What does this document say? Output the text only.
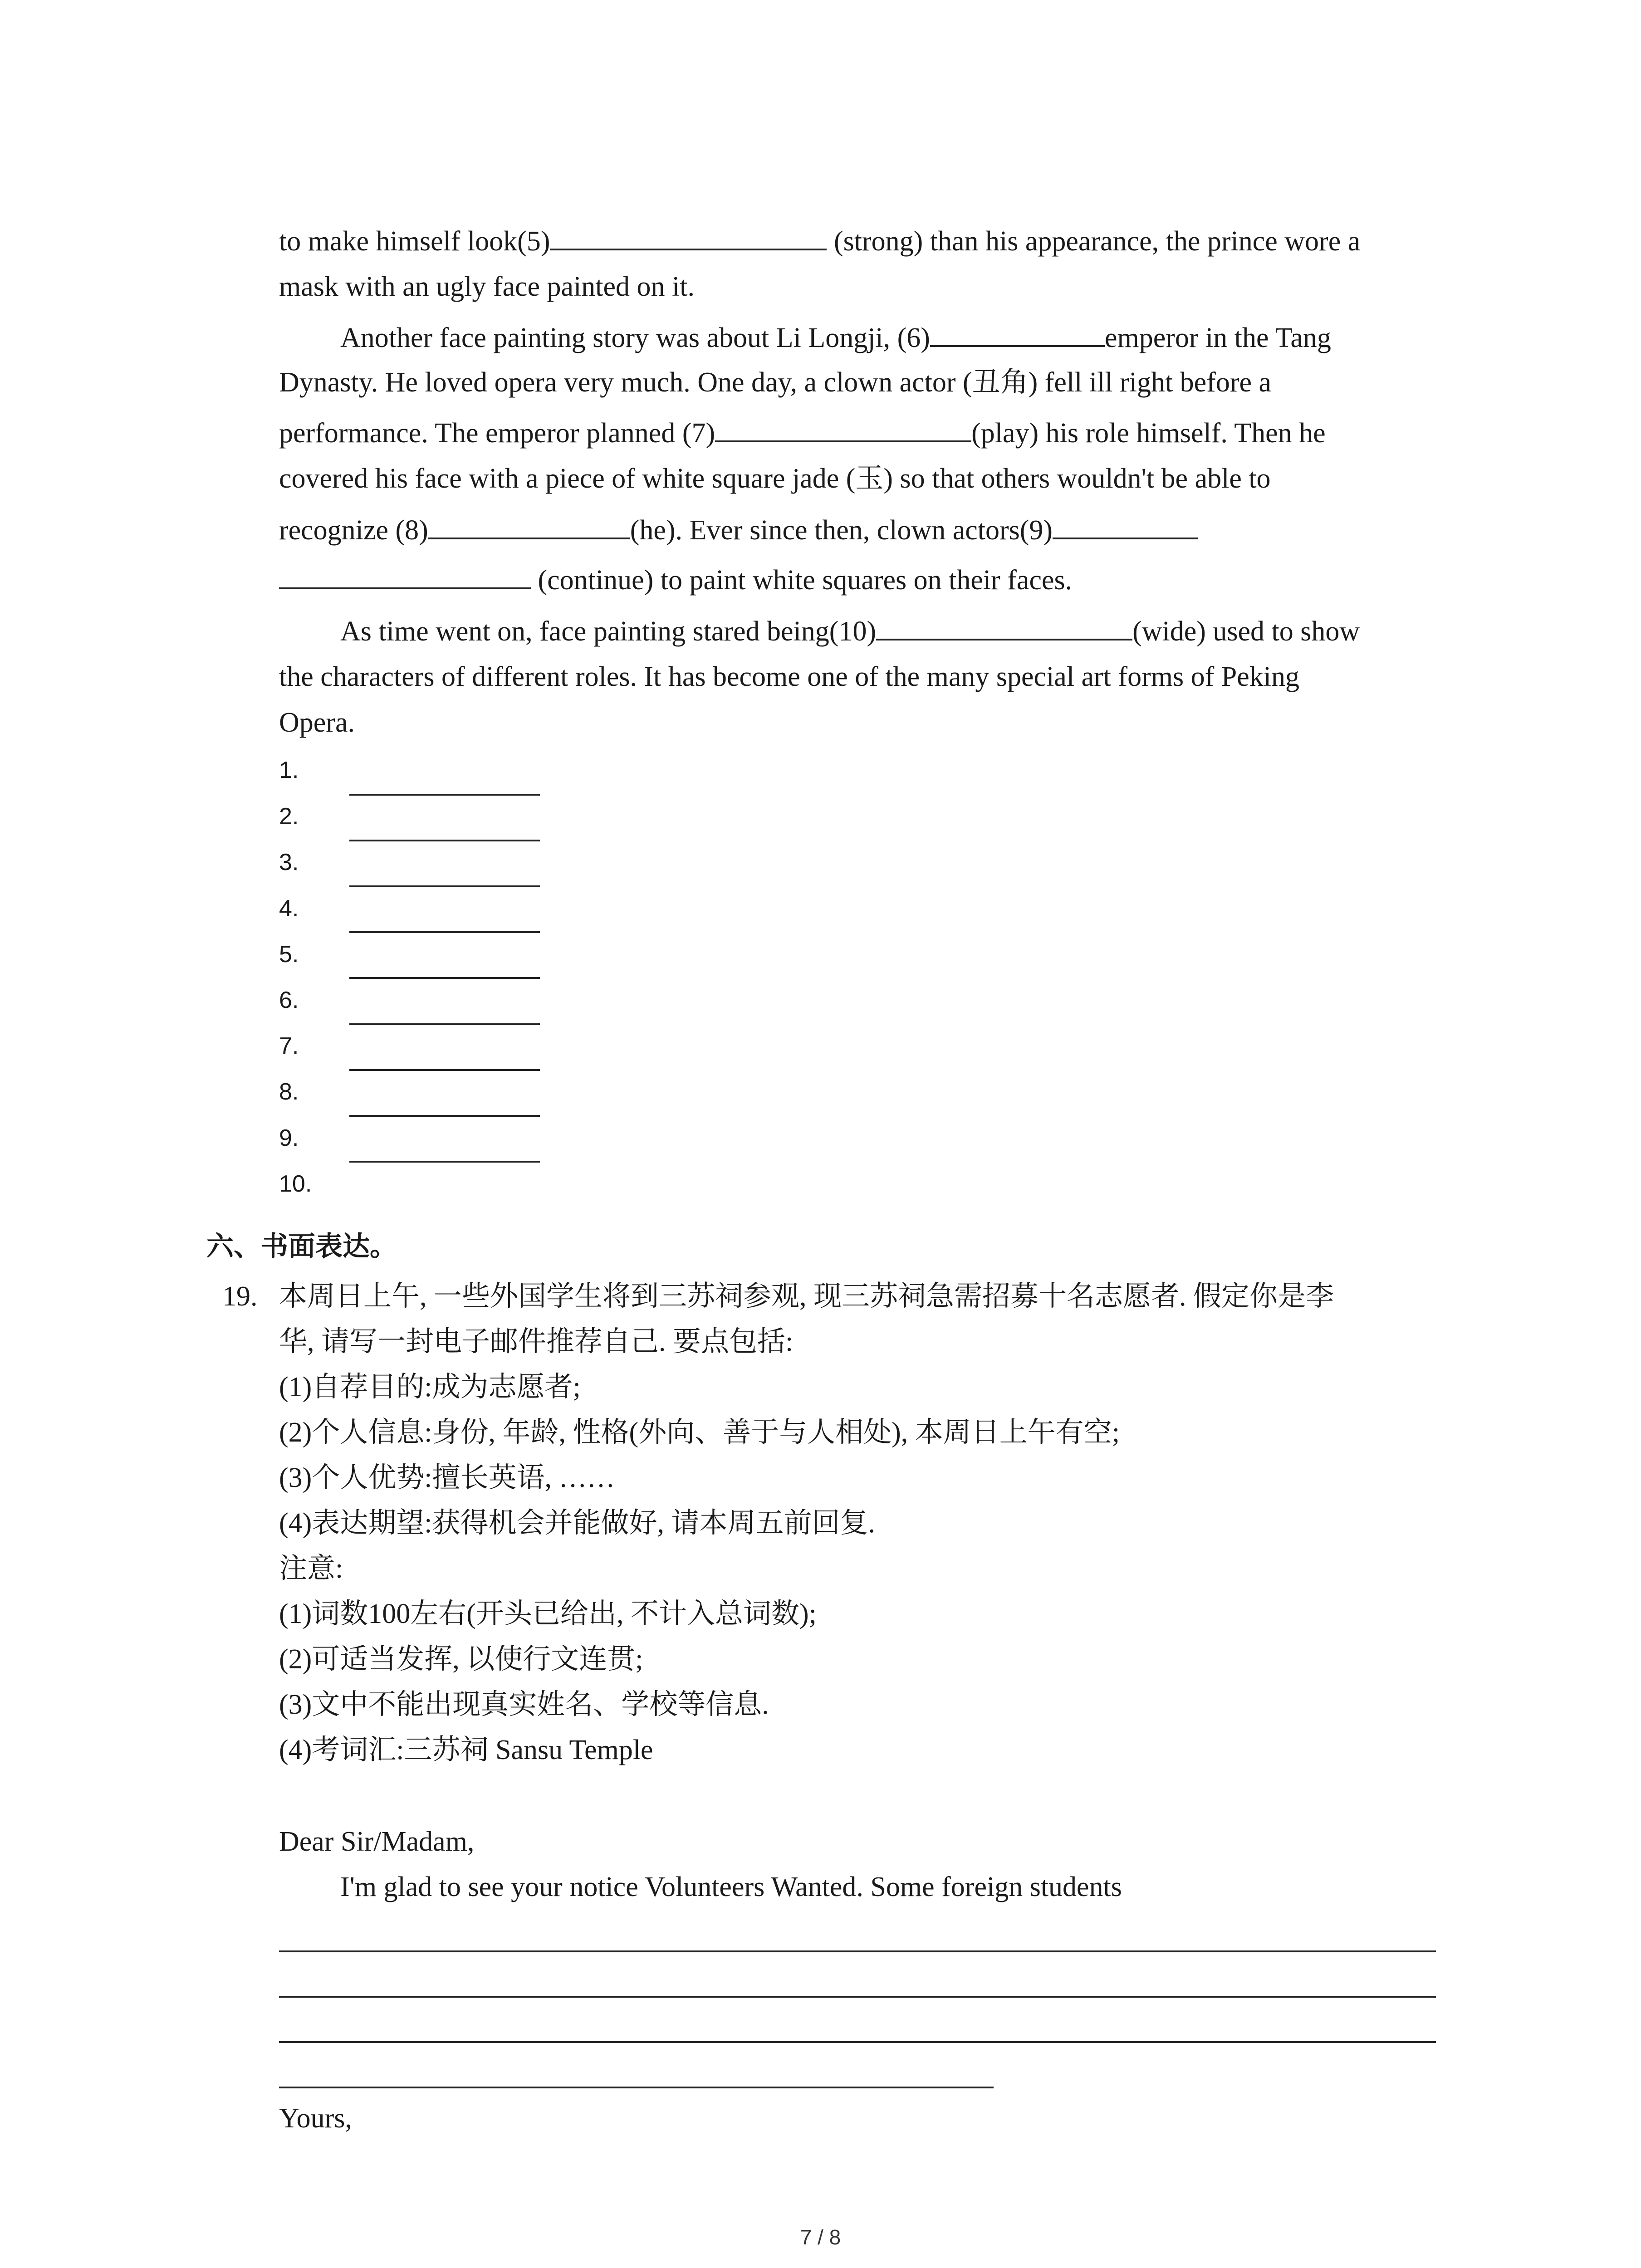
to make himself look(5)	(strong) than his appearance, the prince wore a
mask with an ugly face painted on it.
Another face painting story was about Li Longji, (6)	emperor in the Tang
Dynasty. He loved opera very much. One day, a clown actor (丑角) fell ill right before a
performance. The emperor planned (7)	(play) his role himself. Then he
covered his face with a piece of white square jade (玉) so that others wouldn't be able to
recognize (8)	(he). Ever since then, clown actors(9)
(continue) to paint white squares on their faces.
As time went on, face painting stared being(10)	(wide) used to show
the characters of different roles. It has become one of the many special art forms of Peking
Opera.
1.
2.
3.
4.
5.
6.
7.
8.
9.
10.
六、书面表达。
19. 本周日上午, 一些外国学生将到三苏祠参观, 现三苏祠急需招募十名志愿者. 假定你是李
华, 请写一封电子邮件推荐自己. 要点包括:
(1)自荐目的:成为志愿者;
(2)个人信息:身份, 年龄, 性格(外向、善于与人相处), 本周日上午有空;
(3)个人优势:擅长英语, ……
(4)表达期望:获得机会并能做好, 请本周五前回复.
注意:
(1)词数100左右(开头已给出, 不计入总词数);
(2)可适当发挥, 以使行文连贯;
(3)文中不能出现真实姓名、学校等信息.
(4)考词汇:三苏祠 Sansu Temple
Dear Sir/Madam,
I'm glad to see your notice Volunteers Wanted. Some foreign students
Yours,
7 / 8
